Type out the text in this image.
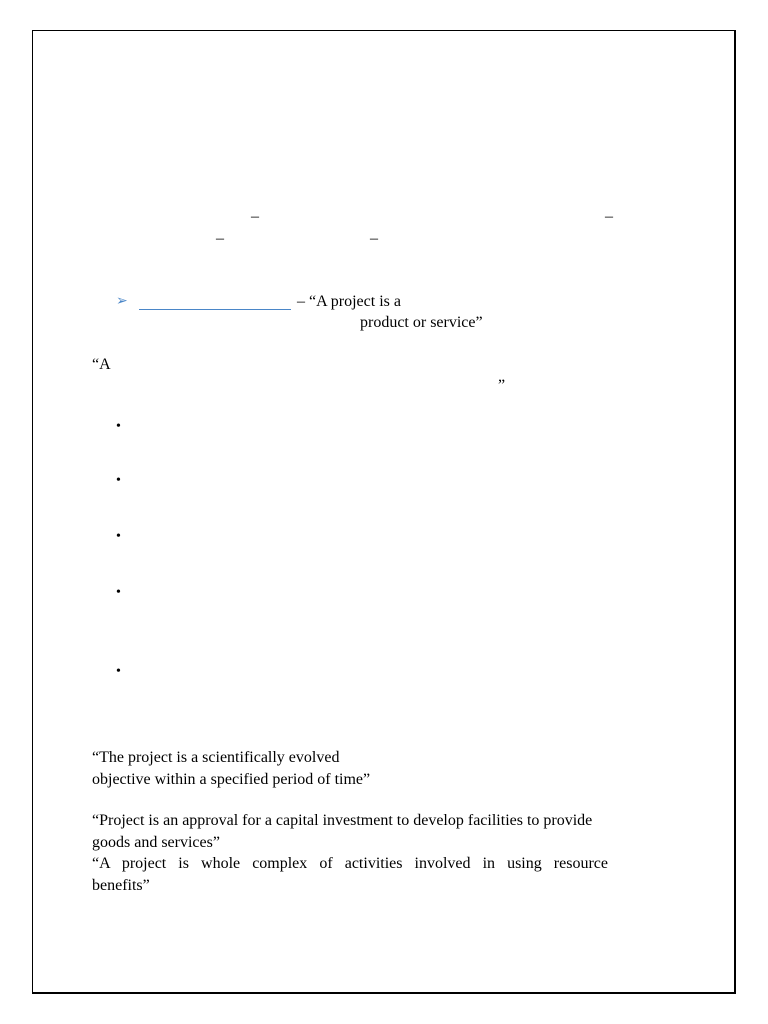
–	–
–	–
➢	– “A project is a
product or service”
“A
”
•
•
•
•
•
“The project is a scientifically evolved
objective within a specified period of time”
“Project is an approval for a capital investment to develop facilities to provide
goods and services”
“A project is whole complex of activities involved in using resource
benefits”
